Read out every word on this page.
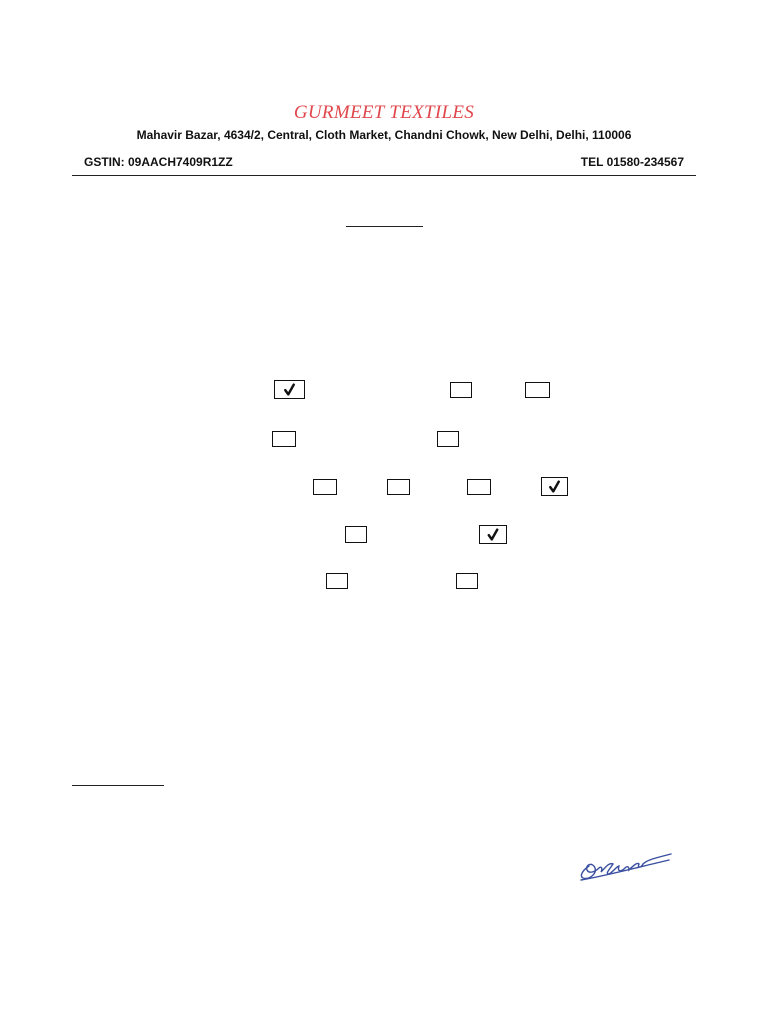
GURMEET TEXTILES
Mahavir Bazar, 4634/2, Central, Cloth Market, Chandni Chowk, New Delhi, Delhi, 110006
GSTIN: 09AACH7409R1ZZ	TEL 01580-234567
